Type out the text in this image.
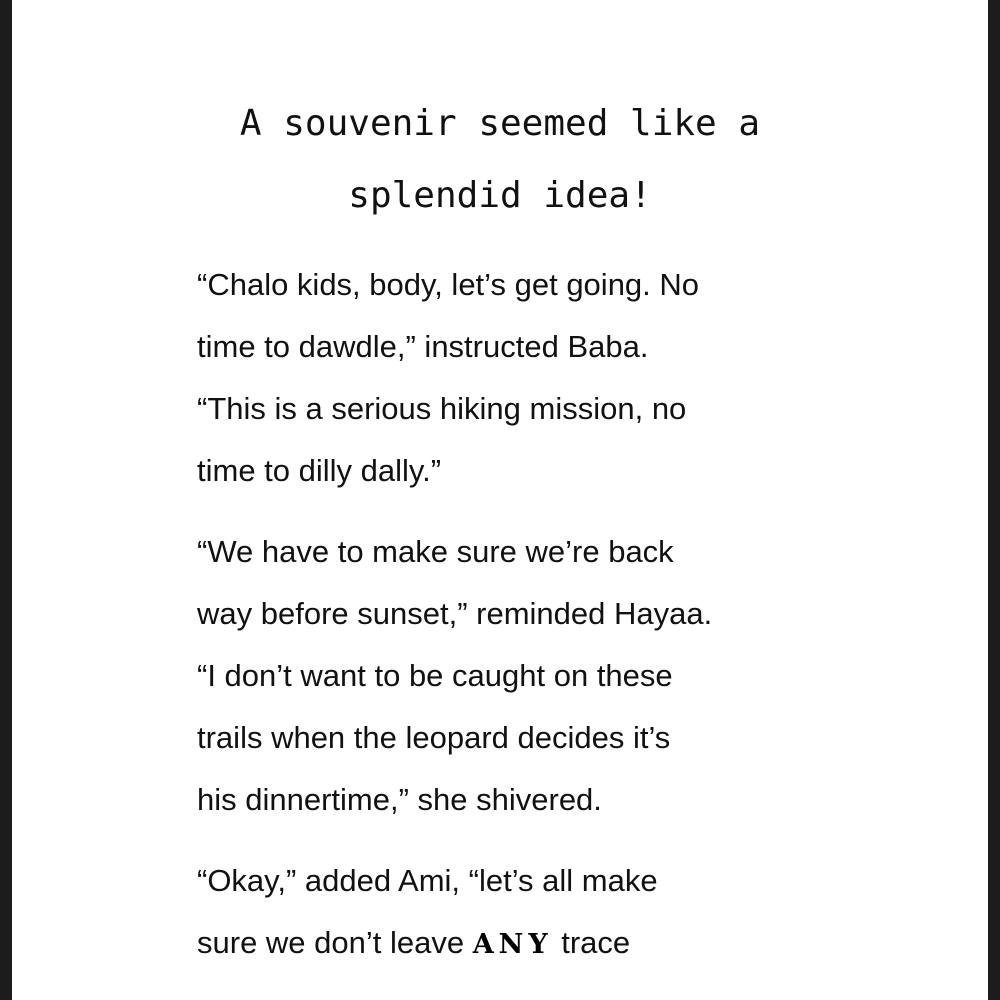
A souvenir seemed like a
splendid idea!

“Chalo kids, body, let’s get going. No
time to dawdle,” instructed Baba.
“This is a serious hiking mission, no
time to dilly dally.”

“We have to make sure we’re back
way before sunset,” reminded Hayaa.
“I don’t want to be caught on these
trails when the leopard decides it’s
his dinnertime,” she shivered.

“Okay,” added Ami, “let’s all make
sure we don’t leave ANY trace
